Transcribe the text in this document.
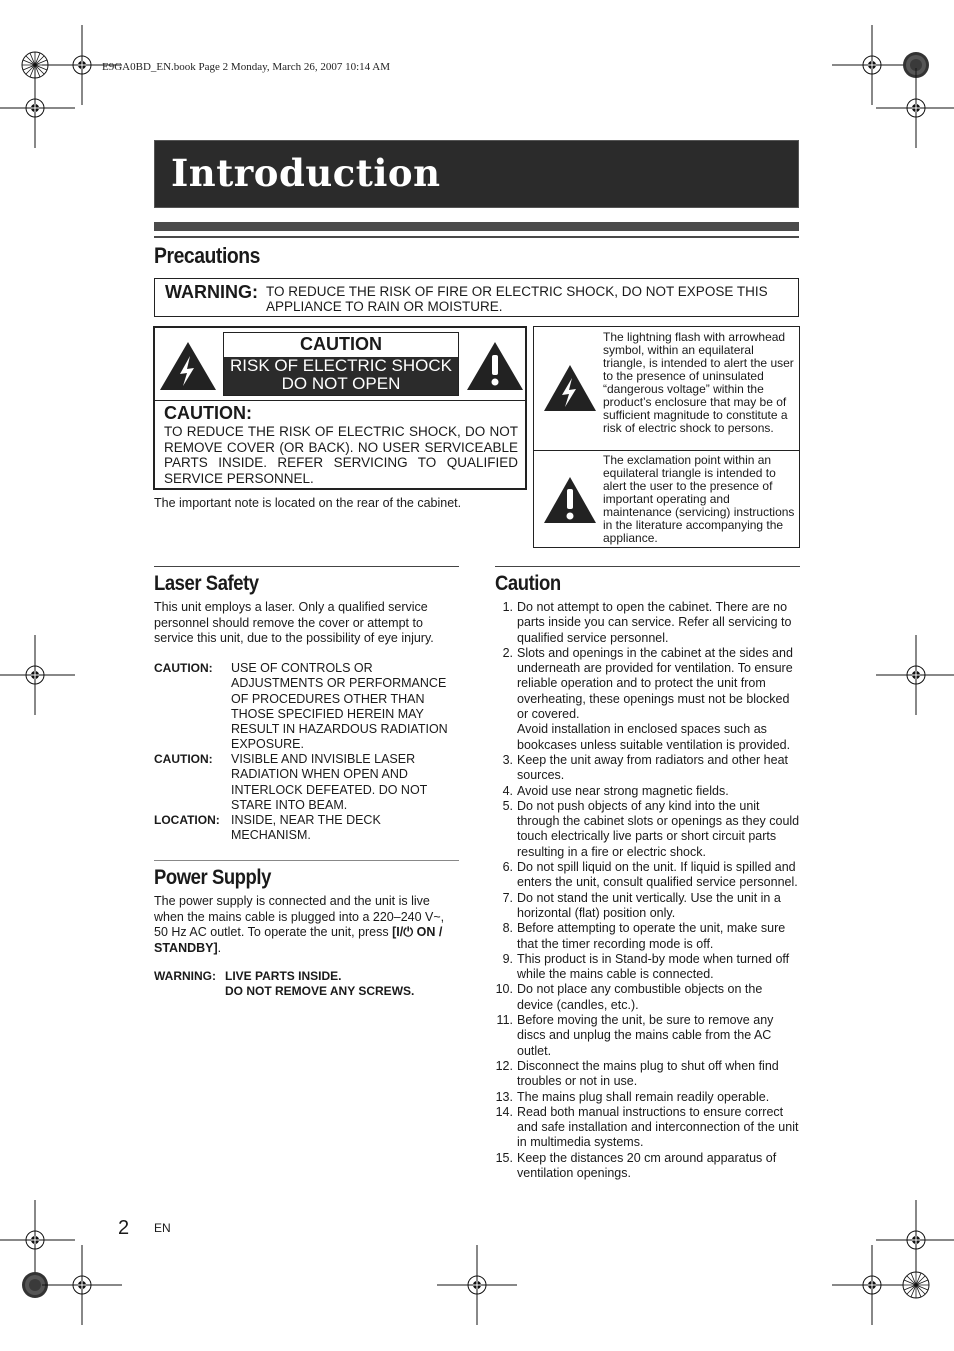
E9GA0BD_EN.book Page 2 Monday, March 26, 2007 10:14 AM
Introduction
Precautions
WARNING: TO REDUCE THE RISK OF FIRE OR ELECTRIC SHOCK, DO NOT EXPOSE THIS APPLIANCE TO RAIN OR MOISTURE.
CAUTION
RISK OF ELECTRIC SHOCK
DO NOT OPEN
CAUTION:
TO REDUCE THE RISK OF ELECTRIC SHOCK, DO NOT REMOVE COVER (OR BACK). NO USER SERVICEABLE PARTS INSIDE. REFER SERVICING TO QUALIFIED SERVICE PERSONNEL.
The important note is located on the rear of the cabinet.
The lightning flash with arrowhead symbol, within an equilateral triangle, is intended to alert the user to the presence of uninsulated “dangerous voltage” within the product’s enclosure that may be of sufficient magnitude to constitute a risk of electric shock to persons.
The exclamation point within an equilateral triangle is intended to alert the user to the presence of important operating and maintenance (servicing) instructions in the literature accompanying the appliance.
Laser Safety
This unit employs a laser. Only a qualified service personnel should remove the cover or attempt to service this unit, due to the possibility of eye injury.
CAUTION: USE OF CONTROLS OR ADJUSTMENTS OR PERFORMANCE OF PROCEDURES OTHER THAN THOSE SPECIFIED HEREIN MAY RESULT IN HAZARDOUS RADIATION EXPOSURE.
CAUTION: VISIBLE AND INVISIBLE LASER RADIATION WHEN OPEN AND INTERLOCK DEFEATED. DO NOT STARE INTO BEAM.
LOCATION: INSIDE, NEAR THE DECK MECHANISM.
Power Supply
The power supply is connected and the unit is live when the mains cable is plugged into a 220–240 V~, 50 Hz AC outlet. To operate the unit, press [I/⏻ ON / STANDBY].
WARNING: LIVE PARTS INSIDE.
DO NOT REMOVE ANY SCREWS.
Caution
1. Do not attempt to open the cabinet. There are no parts inside you can service. Refer all servicing to qualified service personnel.
2. Slots and openings in the cabinet at the sides and underneath are provided for ventilation. To ensure reliable operation and to protect the unit from overheating, these openings must not be blocked or covered.
Avoid installation in enclosed spaces such as bookcases unless suitable ventilation is provided.
3. Keep the unit away from radiators and other heat sources.
4. Avoid use near strong magnetic fields.
5. Do not push objects of any kind into the unit through the cabinet slots or openings as they could touch electrically live parts or short circuit parts resulting in a fire or electric shock.
6. Do not spill liquid on the unit. If liquid is spilled and enters the unit, consult qualified service personnel.
7. Do not stand the unit vertically. Use the unit in a horizontal (flat) position only.
8. Before attempting to operate the unit, make sure that the timer recording mode is off.
9. This product is in Stand-by mode when turned off while the mains cable is connected.
10. Do not place any combustible objects on the device (candles, etc.).
11. Before moving the unit, be sure to remove any discs and unplug the mains cable from the AC outlet.
12. Disconnect the mains plug to shut off when find troubles or not in use.
13. The mains plug shall remain readily operable.
14. Read both manual instructions to ensure correct and safe installation and interconnection of the unit in multimedia systems.
15. Keep the distances 20 cm around apparatus of ventilation openings.
2 EN
